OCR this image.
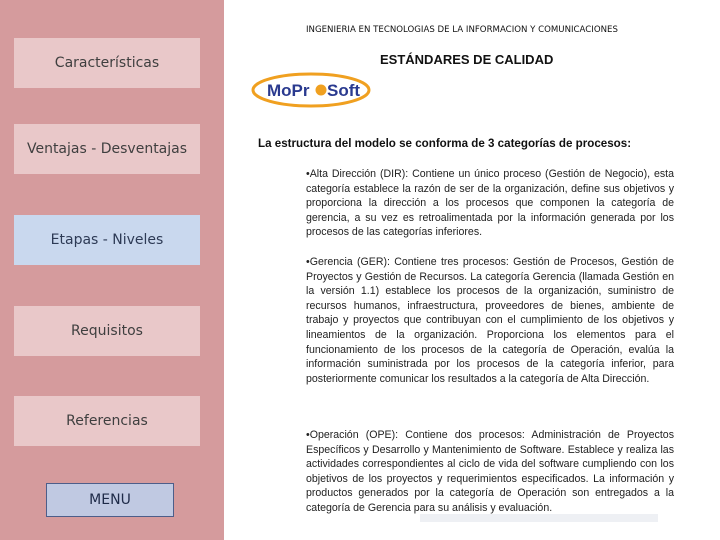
Características
Ventajas - Desventajas
Etapas - Niveles
Requisitos
Referencias
MENU
INGENIERÍA EN TECNOLOGÍAS DE LA INFORMACIÓN Y COMUNICACIONES
ESTÁNDARES DE CALIDAD
MoPr Soft
La estructura del modelo se conforma de 3 categorías de procesos:

•Alta Dirección (DIR): Contiene un único proceso (Gestión de Negocio), esta categoría establece la razón de ser de la organización, define sus objetivos y proporciona la dirección a los procesos que componen la categoría de gerencia, a su vez es retroalimentada por la información generada por los procesos de las categorías inferiores.

•Gerencia (GER): Contiene tres procesos: Gestión de Procesos, Gestión de Proyectos y Gestión de Recursos. La categoría Gerencia (llamada Gestión en la versión 1.1) establece los procesos de la organización, suministro de recursos humanos, infraestructura, proveedores de bienes, ambiente de trabajo y proyectos que contribuyan con el cumplimiento de los objetivos y lineamientos de la organización. Proporciona los elementos para el funcionamiento de los procesos de la categoría de Operación, evalúa la información suministrada por los procesos de la categoría inferior, para posteriormente comunicar los resultados a la categoría de Alta Dirección.

•Operación (OPE): Contiene dos procesos: Administración de Proyectos Específicos y Desarrollo y Mantenimiento de Software. Establece y realiza las actividades correspondientes al ciclo de vida del software cumpliendo con los objetivos de los proyectos y requerimientos especificados. La información y productos generados por la categoría de Operación son entregados a la categoría de Gerencia para su análisis y evaluación.
